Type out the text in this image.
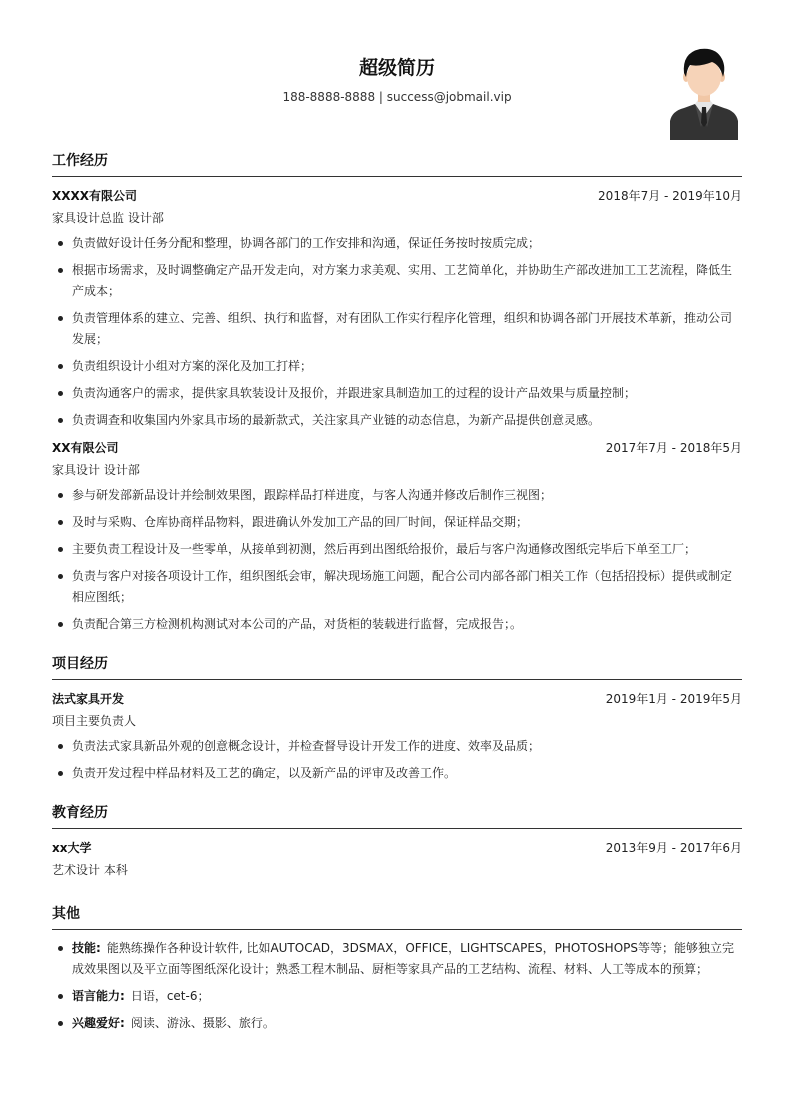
超级简历
188-8888-8888 | success@jobmail.vip
工作经历
XXXX有限公司	2018年7月 - 2019年10月
家具设计总监 设计部
负责做好设计任务分配和整理，协调各部门的工作安排和沟通，保证任务按时按质完成；
根据市场需求，及时调整确定产品开发走向，对方案力求美观、实用、工艺简单化，并协助生产部改进加工工艺流程，降低生产成本；
负责管理体系的建立、完善、组织、执行和监督，对有团队工作实行程序化管理，组织和协调各部门开展技术革新，推动公司发展；
负责组织设计小组对方案的深化及加工打样；
负责沟通客户的需求，提供家具软装设计及报价，并跟进家具制造加工的过程的设计产品效果与质量控制；
负责调查和收集国内外家具市场的最新款式，关注家具产业链的动态信息，为新产品提供创意灵感。
XX有限公司	2017年7月 - 2018年5月
家具设计 设计部
参与研发部新品设计并绘制效果图，跟踪样品打样进度，与客人沟通并修改后制作三视图；
及时与采购、仓库协商样品物料，跟进确认外发加工产品的回厂时间，保证样品交期；
主要负责工程设计及一些零单，从接单到初测，然后再到出图纸给报价，最后与客户沟通修改图纸完毕后下单至工厂；
负责与客户对接各项设计工作，组织图纸会审，解决现场施工问题，配合公司内部各部门相关工作（包括招投标）提供或制定相应图纸；
负责配合第三方检测机构测试对本公司的产品，对货柜的装载进行监督，完成报告；。
项目经历
法式家具开发	2019年1月 - 2019年5月
项目主要负责人
负责法式家具新品外观的创意概念设计，并检查督导设计开发工作的进度、效率及品质；
负责开发过程中样品材料及工艺的确定，以及新产品的评审及改善工作。
教育经历
xx大学	2013年9月 - 2017年6月
艺术设计 本科
其他
技能: 能熟练操作各种设计软件, 比如AUTOCAD，3DSMAX，OFFICE，LIGHTSCAPES，PHOTOSHOPS等等；能够独立完成效果图以及平立面等图纸深化设计；熟悉工程木制品、厨柜等家具产品的工艺结构、流程、材料、人工等成本的预算；
语言能力: 日语，cet-6；
兴趣爱好: 阅读、游泳、摄影、旅行。
